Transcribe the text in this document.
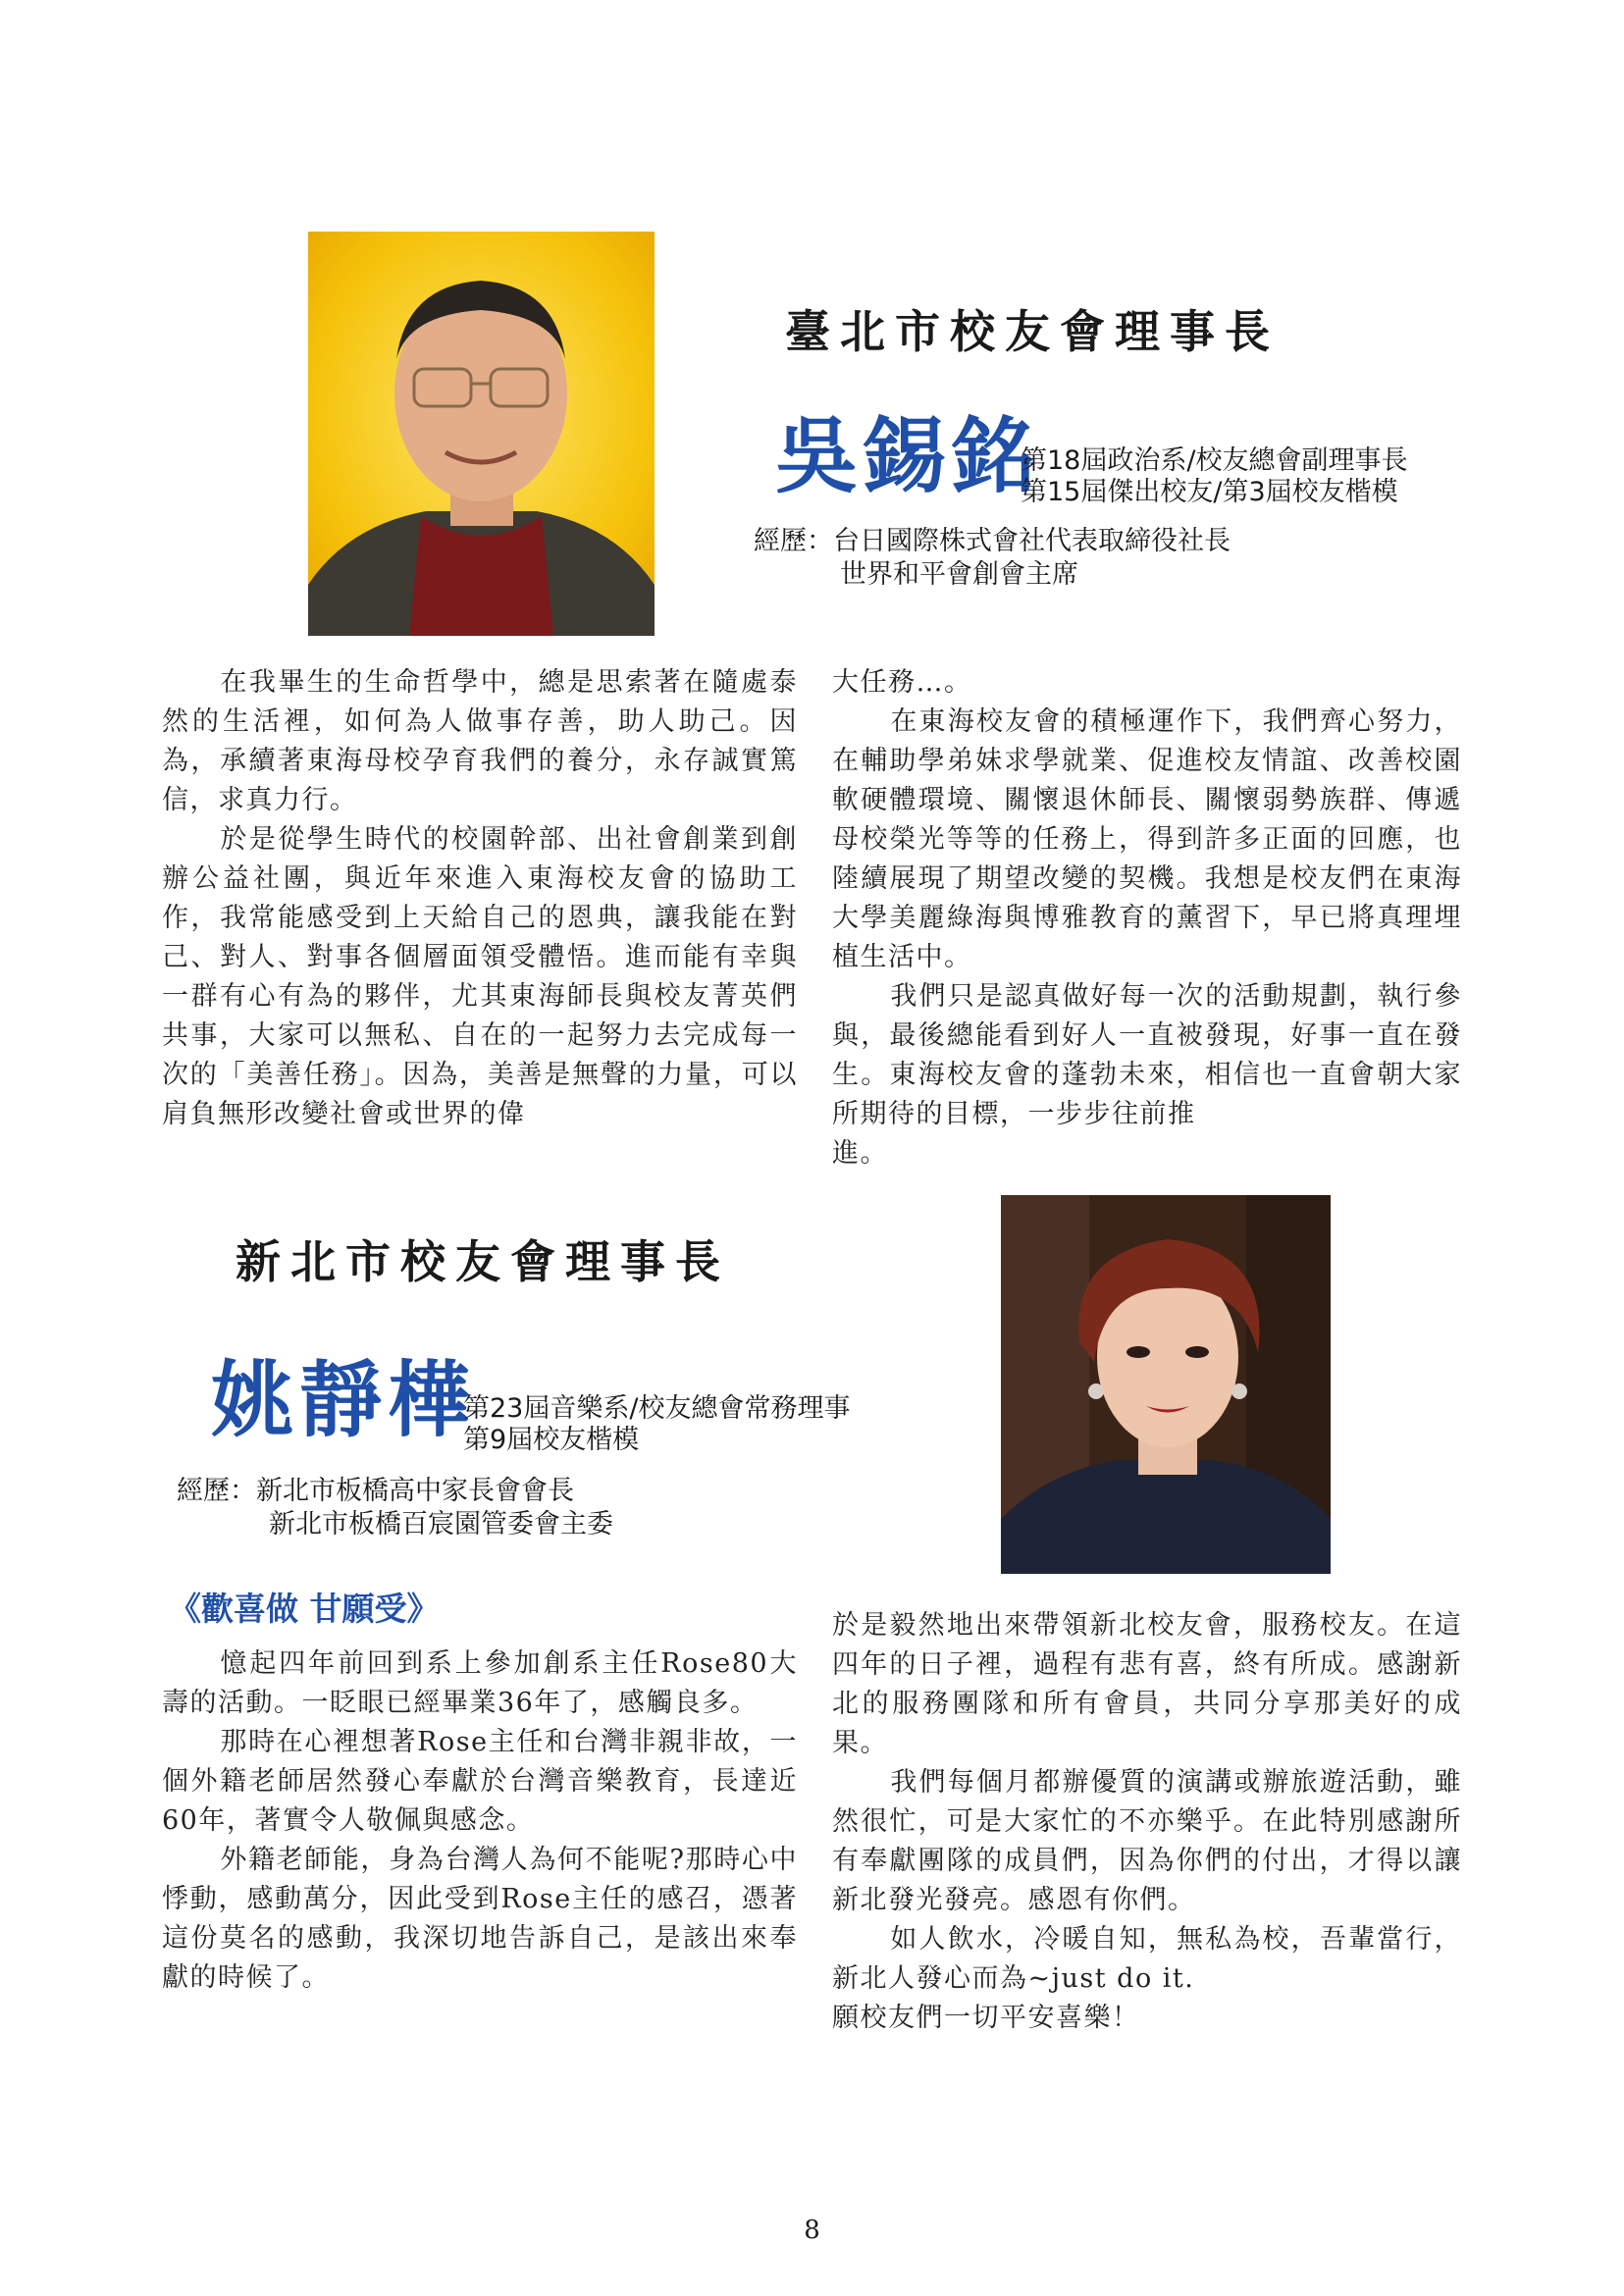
臺北市校友會理事長
吳錫銘
第18屆政治系/校友總會副理事長
第15屆傑出校友/第3屆校友楷模
經歷： 台日國際株式會社代表取締役社長
世界和平會創會主席

在我畢生的生命哲學中，總是思索著在隨處泰然的生活裡，如何為人做事存善，助人助己。因為，承續著東海母校孕育我們的養分，永存誠實篤信，求真力行。

於是從學生時代的校園幹部、出社會創業到創辦公益社團，與近年來進入東海校友會的協助工作，我常能感受到上天給自己的恩典，讓我能在對己、對人、對事各個層面領受體悟。進而能有幸與一群有心有為的夥伴，尤其東海師長與校友菁英們共事，大家可以無私、自在的一起努力去完成每一次的「美善任務」。因為，美善是無聲的力量，可以肩負無形改變社會或世界的偉

大任務…。

在東海校友會的積極運作下，我們齊心努力，在輔助學弟妹求學就業、促進校友情誼、改善校園軟硬體環境、關懷退休師長、關懷弱勢族群、傳遞母校榮光等等的任務上，得到許多正面的回應，也陸續展現了期望改變的契機。我想是校友們在東海大學美麗綠海與博雅教育的薰習下，早已將真理埋植生活中。

我們只是認真做好每一次的活動規劃，執行參與，最後總能看到好人一直被發現，好事一直在發生。東海校友會的蓬勃未來，相信也一直會朝大家所期待的目標，一步步往前推

進。

新北市校友會理事長
姚靜樺
第23屆音樂系/校友總會常務理事
第9屆校友楷模
經歷： 新北市板橋高中家長會會長
新北市板橋百宸園管委會主委
《歡喜做 甘願受》

憶起四年前回到系上參加創系主任Rose80大壽的活動。一眨眼已經畢業36年了，感觸良多。

那時在心裡想著Rose主任和台灣非親非故，一個外籍老師居然發心奉獻於台灣音樂教育，長達近60年，著實令人敬佩與感念。

外籍老師能，身為台灣人為何不能呢?那時心中悸動，感動萬分，因此受到Rose主任的感召，憑著這份莫名的感動，我深切地告訴自己，是該出來奉獻的時候了。

於是毅然地出來帶領新北校友會，服務校友。在這四年的日子裡，過程有悲有喜，終有所成。感謝新北的服務團隊和所有會員，共同分享那美好的成果。

我們每個月都辦優質的演講或辦旅遊活動，雖然很忙，可是大家忙的不亦樂乎。在此特別感謝所有奉獻團隊的成員們，因為你們的付出，才得以讓新北發光發亮。感恩有你們。

如人飲水，冷暖自知，無私為校，吾輩當行，新北人發心而為~just do it.

願校友們一切平安喜樂！

8
